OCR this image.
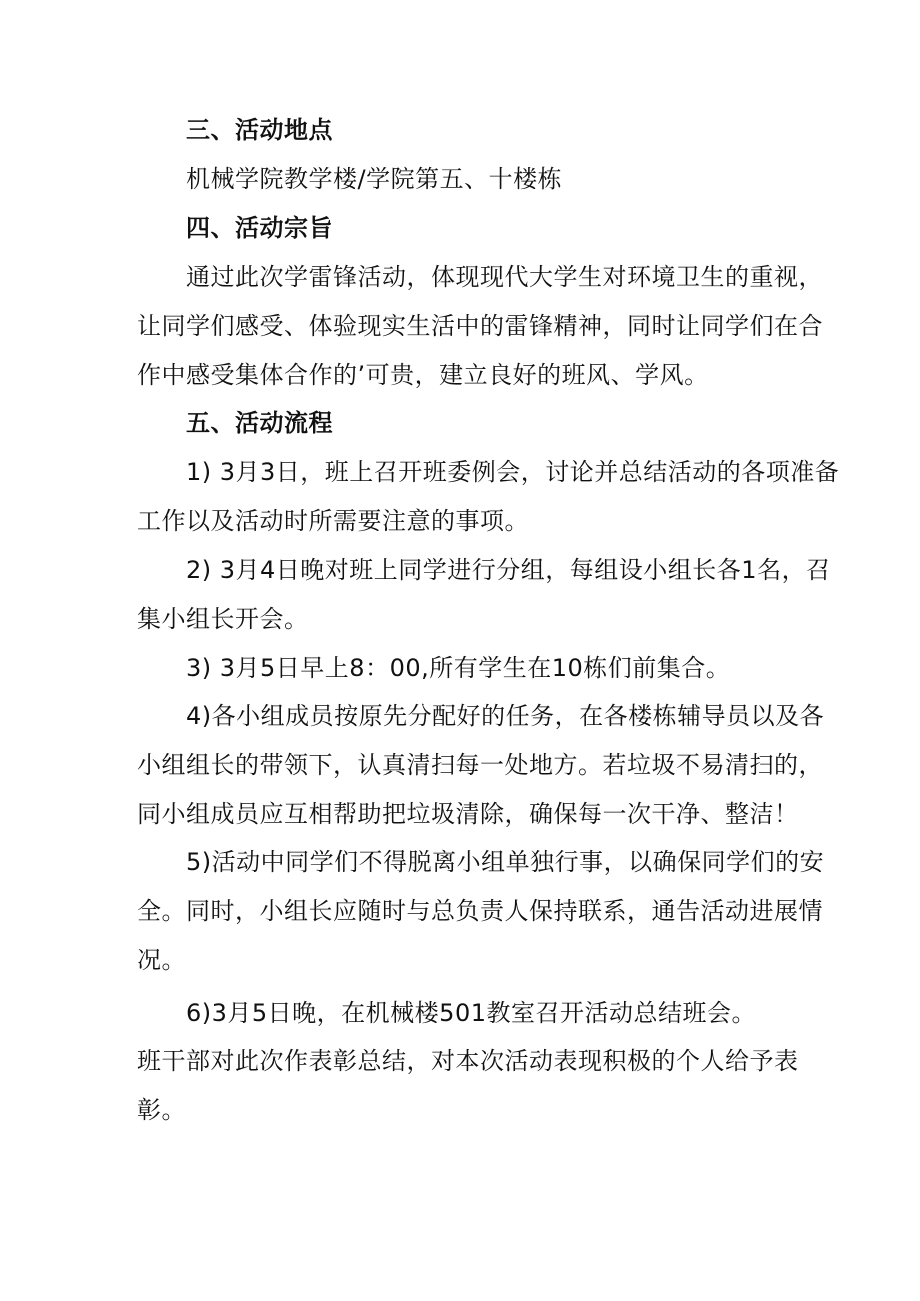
三、活动地点
机械学院教学楼/学院第五、十楼栋
四、活动宗旨
通过此次学雷锋活动，体现现代大学生对环境卫生的重视，
让同学们感受、体验现实生活中的雷锋精神，同时让同学们在合
作中感受集体合作的’可贵，建立良好的班风、学风。
五、活动流程
1) 3月3日，班上召开班委例会，讨论并总结活动的各项准备
工作以及活动时所需要注意的事项。
2) 3月4日晚对班上同学进行分组，每组设小组长各1名，召
集小组长开会。
3) 3月5日早上8：00,所有学生在10栋们前集合。
4)各小组成员按原先分配好的任务，在各楼栋辅导员以及各
小组组长的带领下，认真清扫每一处地方。若垃圾不易清扫的，
同小组成员应互相帮助把垃圾清除，确保每一次干净、整洁！
5)活动中同学们不得脱离小组单独行事，以确保同学们的安
全。同时，小组长应随时与总负责人保持联系，通告活动进展情
况。
6)3月5日晚，在机械楼501教室召开活动总结班会。
班干部对此次作表彰总结，对本次活动表现积极的个人给予表
彰。
